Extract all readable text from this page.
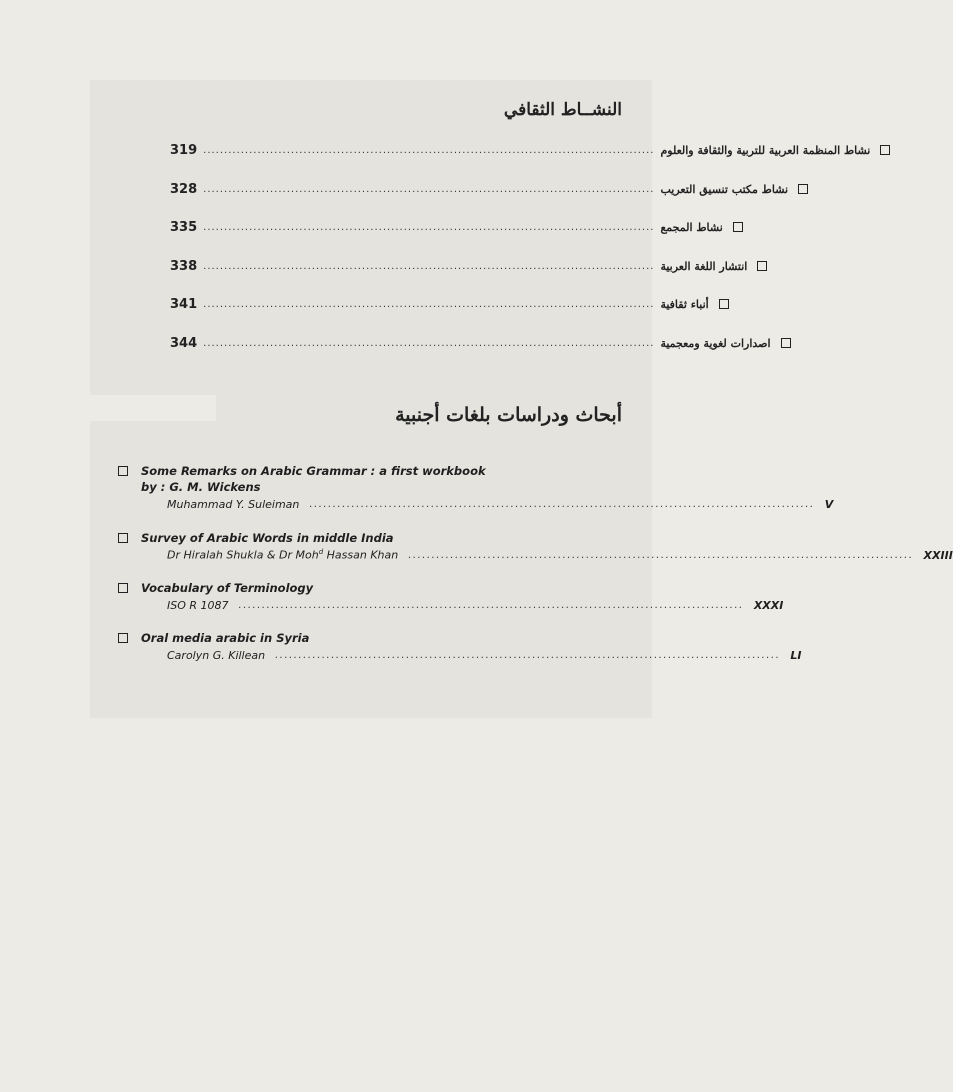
النشــاط الثقافي
319 ............................................................................................................ نشاط المنظمة العربية للتربية والثقافة والعلوم
328 ............................................................................................................ نشاط مكتب تنسيق التعريب
335 ............................................................................................................ نشاط المجمع
338 ............................................................................................................ انتشار اللغة العربية
341 ............................................................................................................ أنباء ثقافية
344 ............................................................................................................ اصدارات لغوية ومعجمية
أبحاث ودراسات بلغات أجنبية
Some Remarks on Arabic Grammar : a first workbook
by : G. M. Wickens
Muhammad Y. Suleiman ............................................................................................................ V
Survey of Arabic Words in middle India
Dr Hiralah Shukla & Dr Moh$^d$ Hassan Khan ............................................................................................................ XXIII
Vocabulary of Terminology
ISO R 1087 ............................................................................................................ XXXI
Oral media arabic in Syria
Carolyn G. Killean ............................................................................................................ LI
